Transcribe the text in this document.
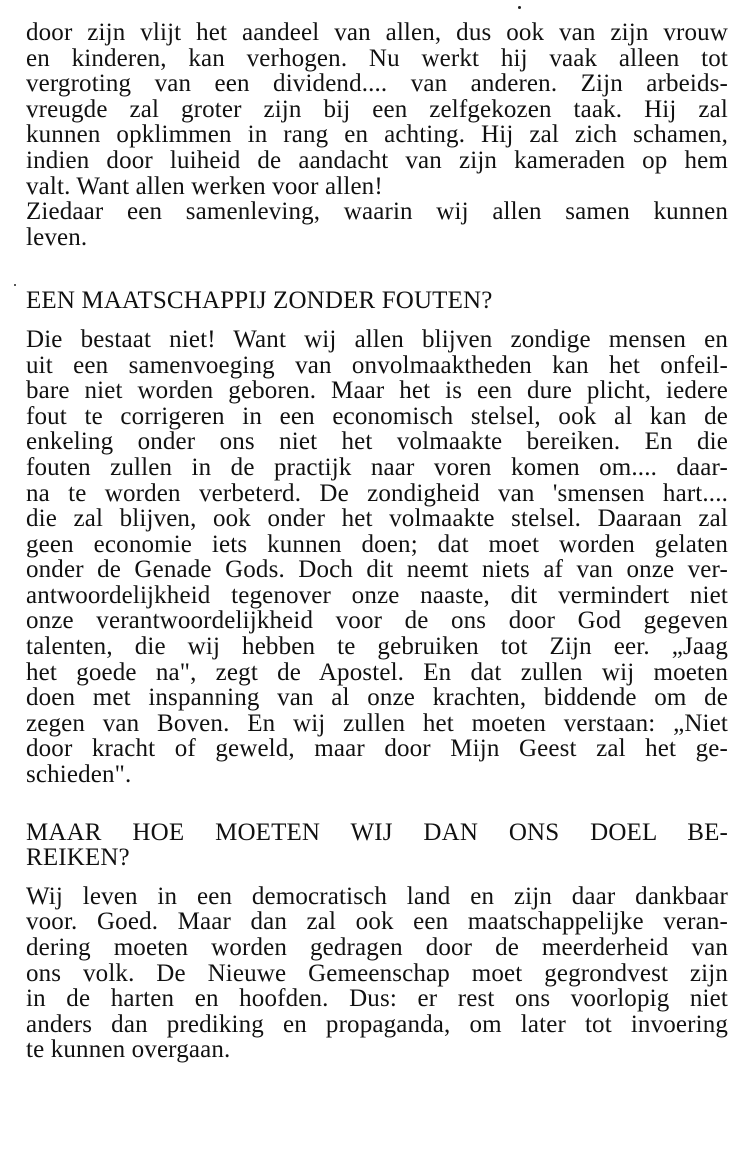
door zijn vlijt het aandeel van allen, dus ook van zijn vrouw
en kinderen, kan verhogen. Nu werkt hij vaak alleen tot
vergroting van een dividend.... van anderen. Zijn arbeids-
vreugde zal groter zijn bij een zelfgekozen taak. Hij zal
kunnen opklimmen in rang en achting. Hij zal zich schamen,
indien door luiheid de aandacht van zijn kameraden op hem
valt. Want allen werken voor allen!
Ziedaar een samenleving, waarin wij allen samen kunnen
leven.
EEN MAATSCHAPPIJ ZONDER FOUTEN?
Die bestaat niet! Want wij allen blijven zondige mensen en
uit een samenvoeging van onvolmaaktheden kan het onfeil-
bare niet worden geboren. Maar het is een dure plicht, iedere
fout te corrigeren in een economisch stelsel, ook al kan de
enkeling onder ons niet het volmaakte bereiken. En die
fouten zullen in de practijk naar voren komen om.... daar-
na te worden verbeterd. De zondigheid van 'smensen hart....
die zal blijven, ook onder het volmaakte stelsel. Daaraan zal
geen economie iets kunnen doen; dat moet worden gelaten
onder de Genade Gods. Doch dit neemt niets af van onze ver-
antwoordelijkheid tegenover onze naaste, dit vermindert niet
onze verantwoordelijkheid voor de ons door God gegeven
talenten, die wij hebben te gebruiken tot Zijn eer. „Jaag
het goede na", zegt de Apostel. En dat zullen wij moeten
doen met inspanning van al onze krachten, biddende om de
zegen van Boven. En wij zullen het moeten verstaan: „Niet
door kracht of geweld, maar door Mijn Geest zal het ge-
schieden".
MAAR HOE MOETEN WIJ DAN ONS DOEL BE-
REIKEN?
Wij leven in een democratisch land en zijn daar dankbaar
voor. Goed. Maar dan zal ook een maatschappelijke veran-
dering moeten worden gedragen door de meerderheid van
ons volk. De Nieuwe Gemeenschap moet gegrondvest zijn
in de harten en hoofden. Dus: er rest ons voorlopig niet
anders dan prediking en propaganda, om later tot invoering
te kunnen overgaan.
